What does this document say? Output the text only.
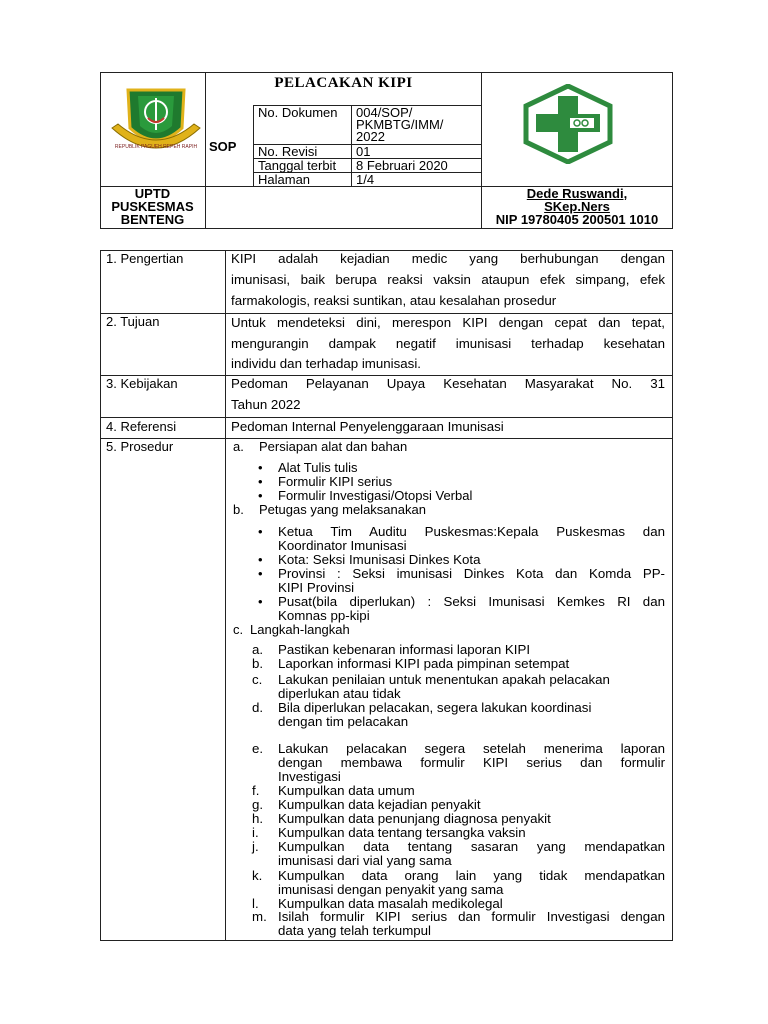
REPUBLIK PAGUEH REPEH RAPIH
PELACAKAN KIPI
SOP
No. Dokumen
No. Revisi
Tanggal terbit
Halaman
004/SOP/
PKMBTG/IMM/
2022
01
8 Februari 2020
1/4
UPTD
PUSKESMAS
BENTENG
Dede Ruswandi,
SKep.Ners
NIP 19780405 200501 1010
1. Pengertian
2. Tujuan
3. Kebijakan
4. Referensi
5. Prosedur
KIPI adalah kejadian medic yang berhubungan dengan
imunisasi, baik berupa reaksi vaksin ataupun efek simpang, efek
farmakologis, reaksi suntikan, atau kesalahan prosedur
Untuk mendeteksi dini, merespon KIPI dengan cepat dan tepat,
mengurangin dampak negatif imunisasi terhadap kesehatan
individu dan terhadap imunisasi.
Pedoman Pelayanan Upaya Kesehatan Masyarakat No. 31
Tahun 2022
Pedoman Internal Penyelenggaraan Imunisasi
a. Persiapan alat dan bahan
• Alat Tulis tulis
• Formulir KIPI serius
• Formulir Investigasi/Otopsi Verbal
b. Petugas yang melaksanakan
• Ketua Tim Auditu Puskesmas:Kepala Puskesmas dan
Koordinator Imunisasi
• Kota: Seksi Imunisasi Dinkes Kota
• Provinsi : Seksi imunisasi Dinkes Kota dan Komda PP-
KIPI Provinsi
• Pusat(bila diperlukan) : Seksi Imunisasi Kemkes RI dan
Komnas pp-kipi
c. Langkah-langkah
a. Pastikan kebenaran informasi laporan KIPI
b. Laporkan informasi KIPI pada pimpinan setempat
c. Lakukan penilaian untuk menentukan apakah pelacakan
diperlukan atau tidak
d. Bila diperlukan pelacakan, segera lakukan koordinasi
dengan tim pelacakan
e. Lakukan pelacakan segera setelah menerima laporan
dengan membawa formulir KIPI serius dan formulir
Investigasi
f. Kumpulkan data umum
g. Kumpulkan data kejadian penyakit
h. Kumpulkan data penunjang diagnosa penyakit
i. Kumpulkan data tentang tersangka vaksin
j. Kumpulkan data tentang sasaran yang mendapatkan
imunisasi dari vial yang sama
k. Kumpulkan data orang lain yang tidak mendapatkan
imunisasi dengan penyakit yang sama
l. Kumpulkan data masalah medikolegal
m. Isilah formulir KIPI serius dan formulir Investigasi dengan
data yang telah terkumpul
